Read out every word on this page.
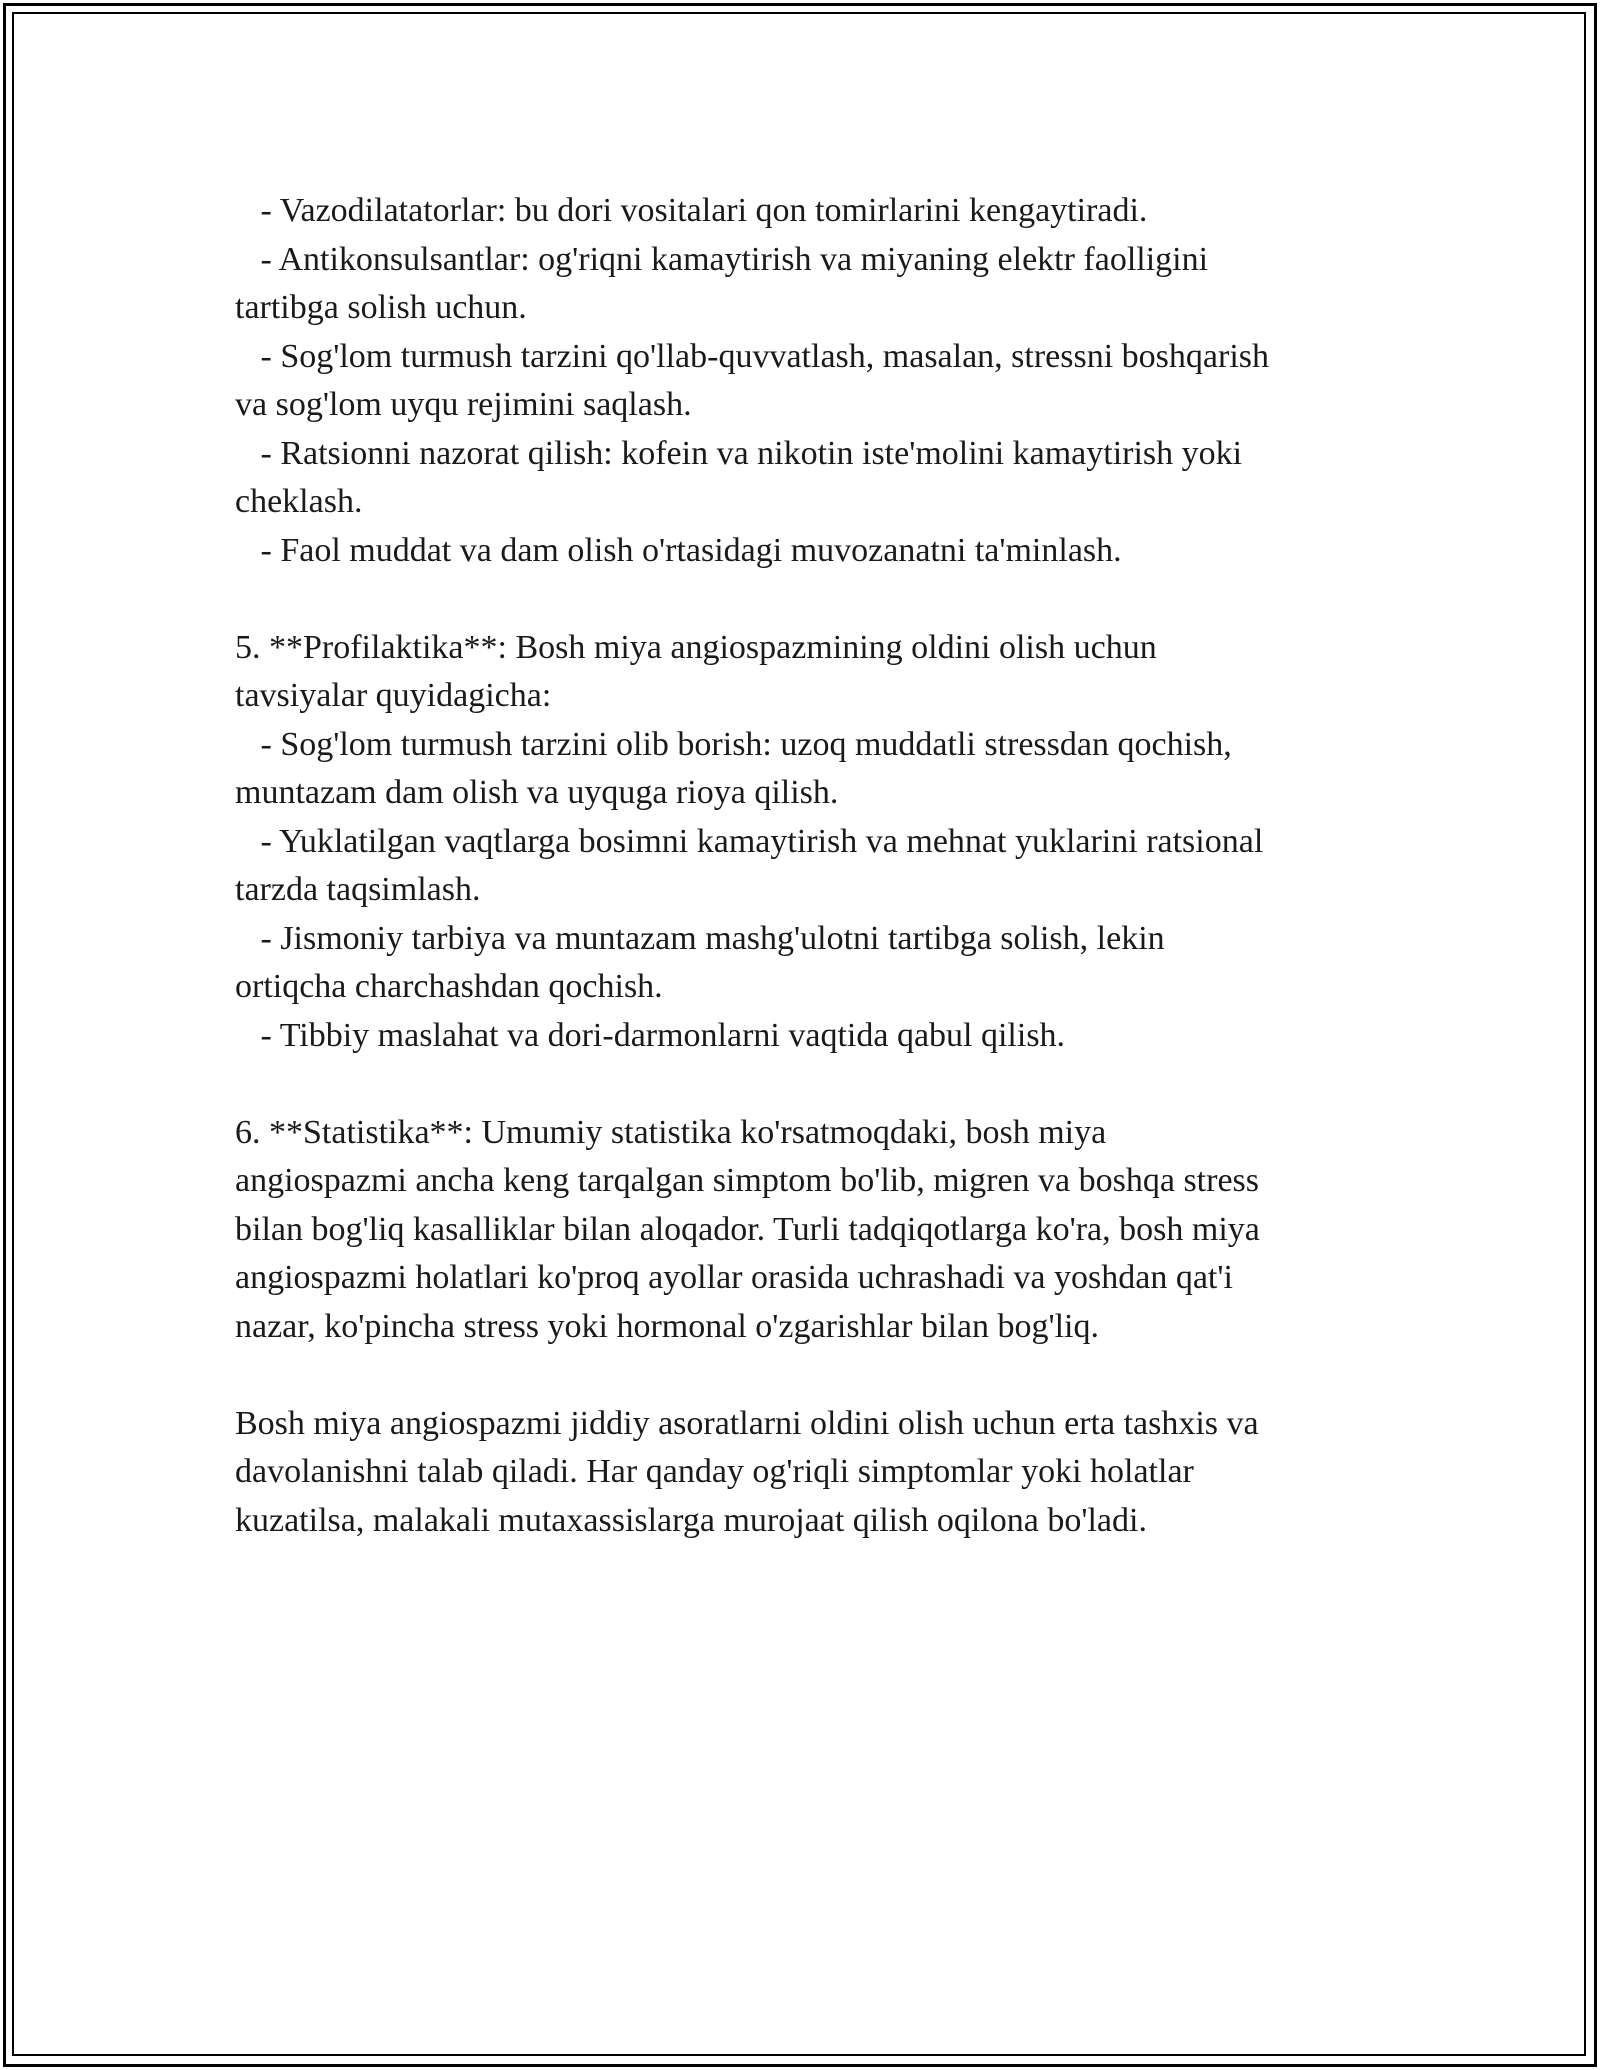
- Vazodilatatorlar: bu dori vositalari qon tomirlarini kengaytiradi.
- Antikonsulsantlar: og'riqni kamaytirish va miyaning elektr faolligini
tartibga solish uchun.
- Sog'lom turmush tarzini qo'llab-quvvatlash, masalan, stressni boshqarish
va sog'lom uyqu rejimini saqlash.
- Ratsionni nazorat qilish: kofein va nikotin iste'molini kamaytirish yoki
cheklash.
- Faol muddat va dam olish o'rtasidagi muvozanatni ta'minlash.
5. **Profilaktika**: Bosh miya angiospazmining oldini olish uchun
tavsiyalar quyidagicha:
- Sog'lom turmush tarzini olib borish: uzoq muddatli stressdan qochish,
muntazam dam olish va uyquga rioya qilish.
- Yuklatilgan vaqtlarga bosimni kamaytirish va mehnat yuklarini ratsional
tarzda taqsimlash.
- Jismoniy tarbiya va muntazam mashg'ulotni tartibga solish, lekin
ortiqcha charchashdan qochish.
- Tibbiy maslahat va dori-darmonlarni vaqtida qabul qilish.
6. **Statistika**: Umumiy statistika ko'rsatmoqdaki, bosh miya
angiospazmi ancha keng tarqalgan simptom bo'lib, migren va boshqa stress
bilan bog'liq kasalliklar bilan aloqador. Turli tadqiqotlarga ko'ra, bosh miya
angiospazmi holatlari ko'proq ayollar orasida uchrashadi va yoshdan qat'i
nazar, ko'pincha stress yoki hormonal o'zgarishlar bilan bog'liq.
Bosh miya angiospazmi jiddiy asoratlarni oldini olish uchun erta tashxis va
davolanishni talab qiladi. Har qanday og'riqli simptomlar yoki holatlar
kuzatilsa, malakali mutaxassislarga murojaat qilish oqilona bo'ladi.
